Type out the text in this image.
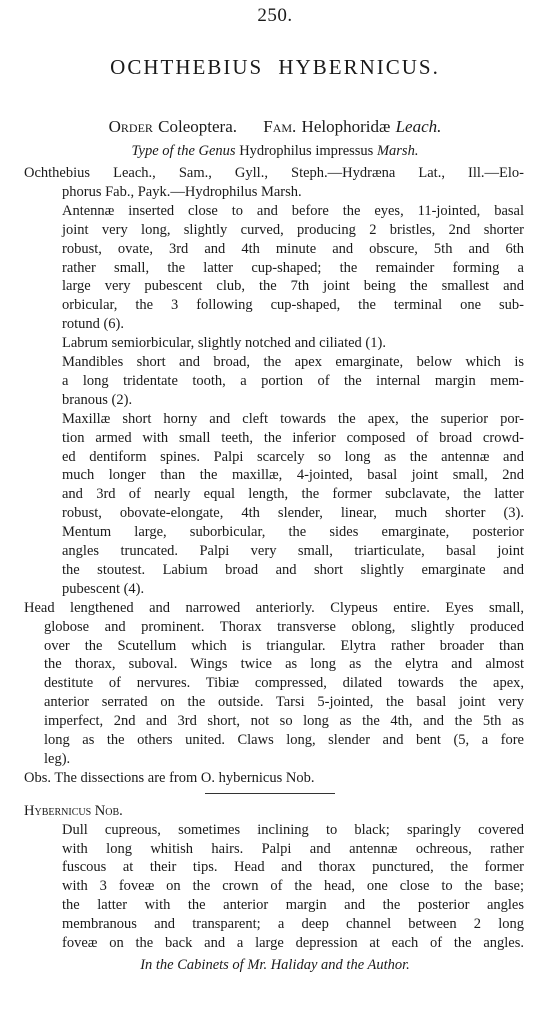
250.
OCHTHEBIUS HYBERNICUS.
Order Coleoptera. Fam. Helophoridæ Leach.
Type of the Genus Hydrophilus impressus Marsh.
Ochthebius Leach., Sam., Gyll., Steph.—Hydræna Lat., Ill.—Elo-
phorus Fab., Payk.—Hydrophilus Marsh.
Antennæ inserted close to and before the eyes, 11-jointed, basal
joint very long, slightly curved, producing 2 bristles, 2nd shorter
robust, ovate, 3rd and 4th minute and obscure, 5th and 6th
rather small, the latter cup-shaped; the remainder forming a
large very pubescent club, the 7th joint being the smallest and
orbicular, the 3 following cup-shaped, the terminal one sub-
rotund (6).
Labrum semiorbicular, slightly notched and ciliated (1).
Mandibles short and broad, the apex emarginate, below which is
a long tridentate tooth, a portion of the internal margin mem-
branous (2).
Maxillæ short horny and cleft towards the apex, the superior por-
tion armed with small teeth, the inferior composed of broad crowd-
ed dentiform spines. Palpi scarcely so long as the antennæ and
much longer than the maxillæ, 4-jointed, basal joint small, 2nd
and 3rd of nearly equal length, the former subclavate, the latter
robust, obovate-elongate, 4th slender, linear, much shorter (3).
Mentum large, suborbicular, the sides emarginate, posterior
angles truncated. Palpi very small, triarticulate, basal joint
the stoutest. Labium broad and short slightly emarginate and
pubescent (4).
Head lengthened and narrowed anteriorly. Clypeus entire. Eyes small,
globose and prominent. Thorax transverse oblong, slightly produced
over the Scutellum which is triangular. Elytra rather broader than
the thorax, suboval. Wings twice as long as the elytra and almost
destitute of nervures. Tibiæ compressed, dilated towards the apex,
anterior serrated on the outside. Tarsi 5-jointed, the basal joint very
imperfect, 2nd and 3rd short, not so long as the 4th, and the 5th as
long as the others united. Claws long, slender and bent (5, a fore
leg).
Obs. The dissections are from O. hybernicus Nob.
Hybernicus Nob.
Dull cupreous, sometimes inclining to black; sparingly covered
with long whitish hairs. Palpi and antennæ ochreous, rather
fuscous at their tips. Head and thorax punctured, the former
with 3 foveæ on the crown of the head, one close to the base;
the latter with the anterior margin and the posterior angles
membranous and transparent; a deep channel between 2 long
foveæ on the back and a large depression at each of the angles.
In the Cabinets of Mr. Haliday and the Author.
